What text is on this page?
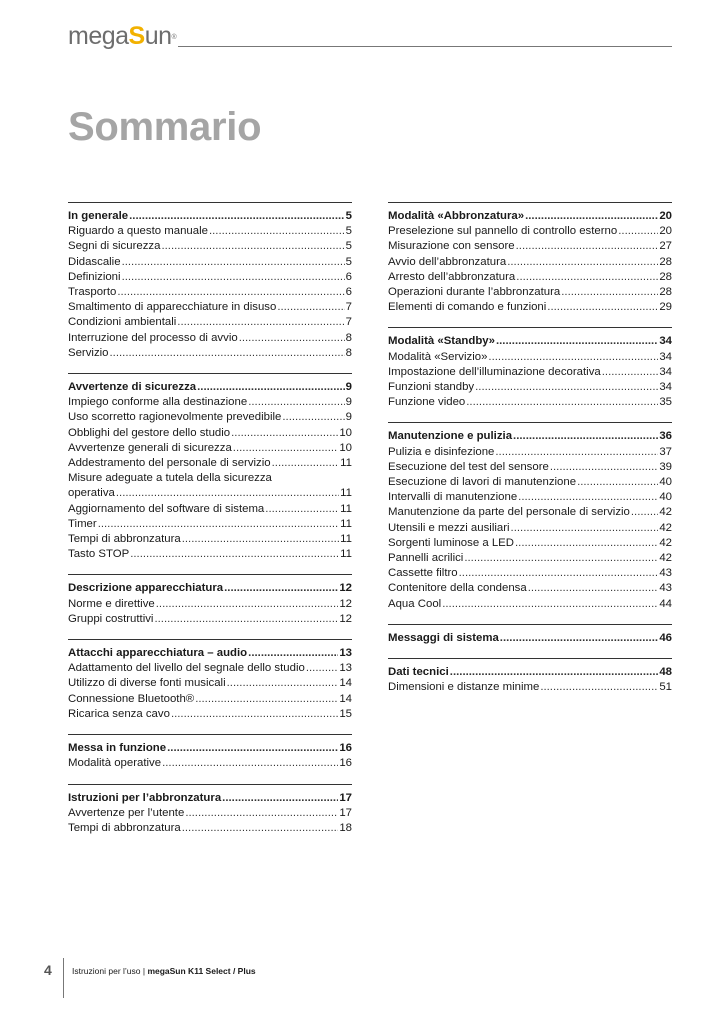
megaSun®
Sommario
In generale .....	5
Riguardo a questo manuale .....	5
Segni di sicurezza .....	5
Didascalie .....	5
Definizioni .....	6
Trasporto .....	6
Smaltimento di apparecchiature in disuso .....	7
Condizioni ambientali .....	7
Interruzione del processo di avvio .....	8
Servizio .....	8
Avvertenze di sicurezza .....	9
Impiego conforme alla destinazione .....	9
Uso scorretto ragionevolmente prevedibile .....	9
Obblighi del gestore dello studio .....	10
Avvertenze generali di sicurezza .....	10
Addestramento del personale di servizio .....	11
Misure adeguate a tutela della sicurezza
operativa .....	11
Aggiornamento del software di sistema .....	11
Timer .....	11
Tempi di abbronzatura .....	11
Tasto STOP .....	11
Descrizione apparecchiatura .....	12
Norme e direttive .....	12
Gruppi costruttivi .....	12
Attacchi apparecchiatura – audio .....	13
Adattamento del livello del segnale dello studio .....	13
Utilizzo di diverse fonti musicali .....	14
Connessione Bluetooth® .....	14
Ricarica senza cavo .....	15
Messa in funzione .....	16
Modalità operative .....	16
Istruzioni per l’abbronzatura .....	17
Avvertenze per l’utente .....	17
Tempi di abbronzatura .....	18
Modalità «Abbronzatura» .....	20
Preselezione sul pannello di controllo esterno .....	20
Misurazione con sensore .....	27
Avvio dell’abbronzatura .....	28
Arresto dell’abbronzatura .....	28
Operazioni durante l’abbronzatura .....	28
Elementi di comando e funzioni .....	29
Modalità «Standby» .....	34
Modalità «Servizio» .....	34
Impostazione dell’illuminazione decorativa .....	34
Funzioni standby .....	34
Funzione video .....	35
Manutenzione e pulizia .....	36
Pulizia e disinfezione .....	37
Esecuzione del test del sensore .....	39
Esecuzione di lavori di manutenzione .....	40
Intervalli di manutenzione .....	40
Manutenzione da parte del personale di servizio .....	42
Utensili e mezzi ausiliari .....	42
Sorgenti luminose a LED .....	42
Pannelli acrilici .....	42
Cassette filtro .....	43
Contenitore della condensa .....	43
Aqua Cool .....	44
Messaggi di sistema .....	46
Dati tecnici .....	48
Dimensioni e distanze minime .....	51
4 Istruzioni per l’uso | megaSun K11 Select / Plus
